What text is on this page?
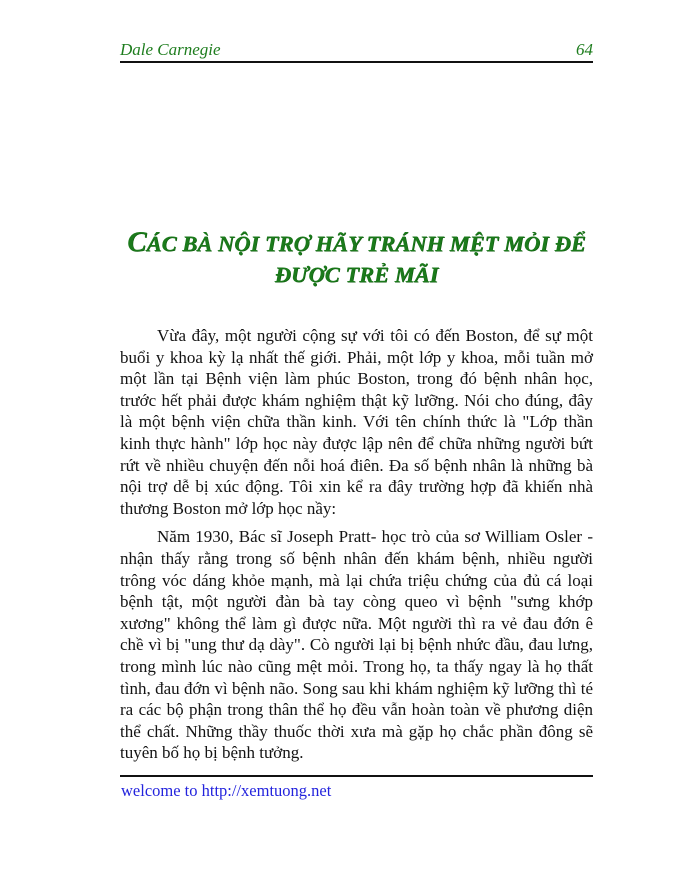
Dale Carnegie	64
CÁC BÀ NỘI TRỢ HÃY TRÁNH MỆT MỎI ĐỂ ĐƯỢC TRẺ MÃI

Vừa đây, một người cộng sự với tôi có đến Boston, để sự một buổi y khoa kỳ lạ nhất thế giới. Phải, một lớp y khoa, mỗi tuần mở một lần tại Bệnh viện làm phúc Boston, trong đó bệnh nhân học, trước hết phải được khám nghiệm thật kỹ lưỡng. Nói cho đúng, đây là một bệnh viện chữa thần kinh. Với tên chính thức là "Lớp thần kinh thực hành" lớp học này được lập nên để chữa những người bứt rứt về nhiều chuyện đến nỗi hoá điên. Đa số bệnh nhân là những bà nội trợ dễ bị xúc động. Tôi xin kể ra đây trường hợp đã khiến nhà thương Boston mở lớp học nầy:

Năm 1930, Bác sĩ Joseph Pratt- học trò của sơ William Osler - nhận thấy rằng trong số bệnh nhân đến khám bệnh, nhiều người trông vóc dáng khỏe mạnh, mà lại chứa triệu chứng của đủ cá loại bệnh tật, một người đàn bà tay còng queo vì bệnh "sưng khớp xương" không thể làm gì được nữa. Một người thì ra vẻ đau đớn ê chề vì bị "ung thư dạ dày". Cò người lại bị bệnh nhức đầu, đau lưng, trong mình lúc nào cũng mệt mỏi. Trong họ, ta thấy ngay là họ thất tình, đau đớn vì bệnh não. Song sau khi khám nghiệm kỹ lưỡng thì té ra các bộ phận trong thân thể họ đều vẫn hoàn toàn về phương diện thể chất. Những thầy thuốc thời xưa mà gặp họ chắc phần đông sẽ tuyên bố họ bị bệnh tưởng.

welcome to http://xemtuong.net
